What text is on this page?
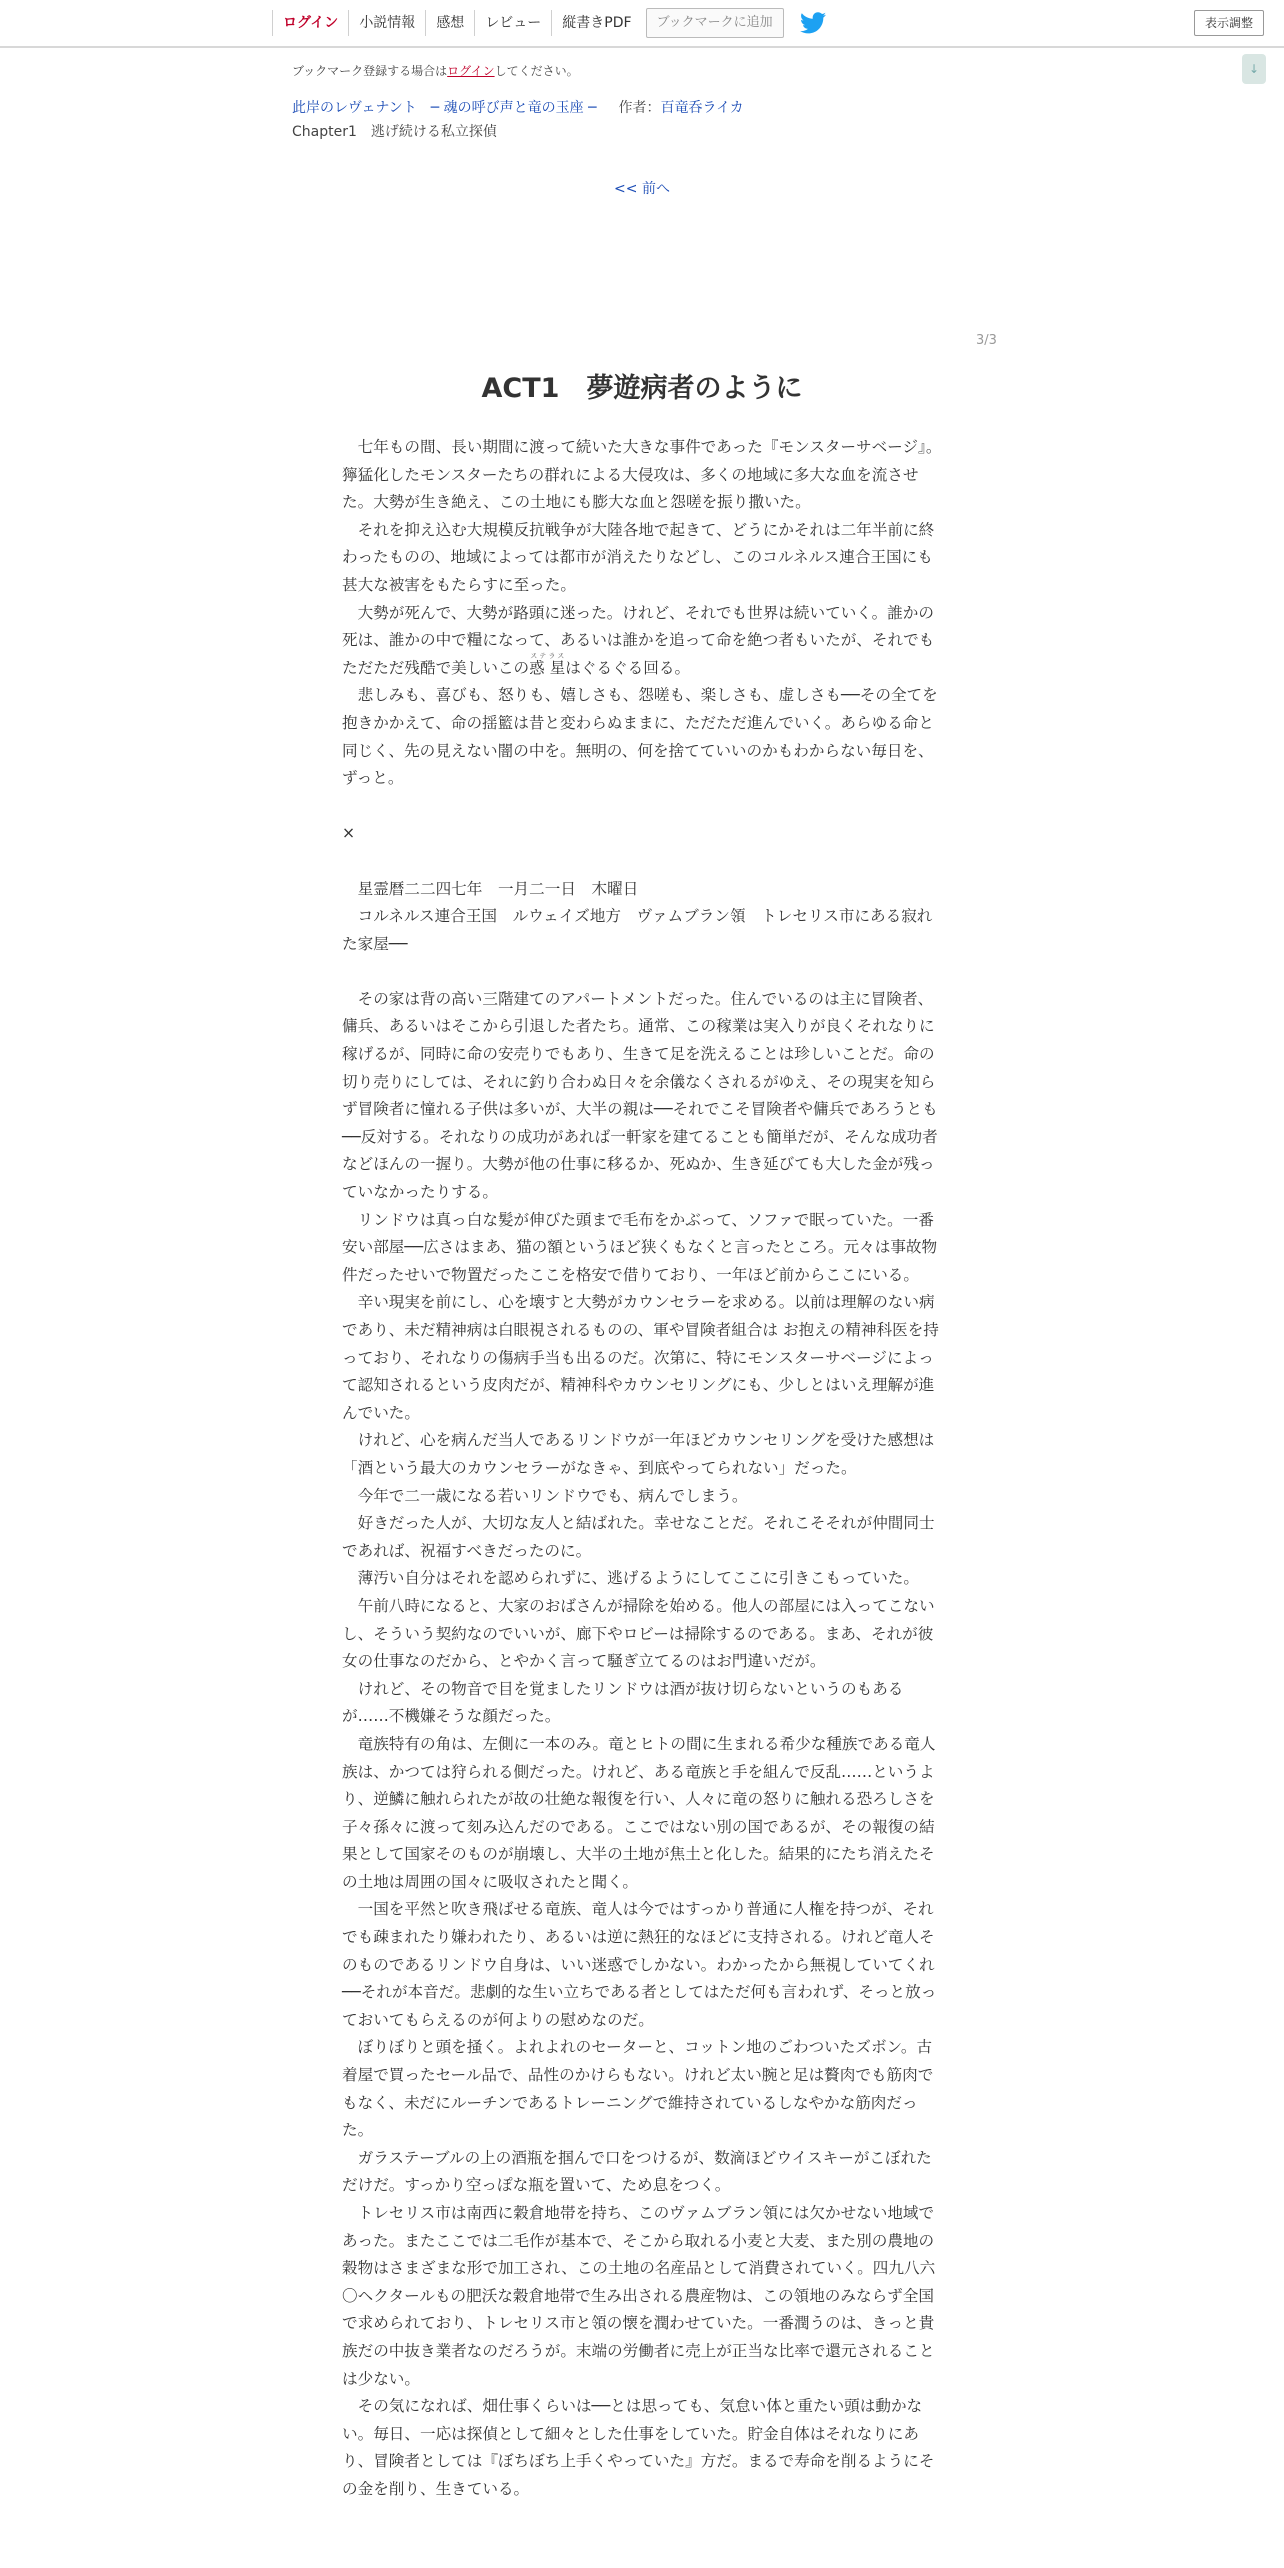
ログイン	小説情報	感想	レビュー	縦書きPDF	ブックマークに追加	表示調整
↓
ブックマーク登録する場合はログインしてください。
此岸のレヴェナント　─ 魂の呼び声と竜の玉座 ─ 作者：百竜呑ライカ
Chapter1　逃げ続ける私立探偵
<< 前へ
3/3
ACT1　夢遊病者のように

七年もの間、長い期間に渡って続いた大きな事件であった『モンスターサベージ』。獰猛化したモンスターたちの群れによる大侵攻は、多くの地域に多大な血を流させた。大勢が生き絶え、この土地にも膨大な血と怨嗟を振り撒いた。

それを抑え込む大規模反抗戦争が大陸各地で起きて、どうにかそれは二年半前に終わったものの、地域によっては都市が消えたりなどし、このコルネルス連合王国にも甚大な被害をもたらすに至った。

大勢が死んで、大勢が路頭に迷った。けれど、それでも世界は続いていく。誰かの死は、誰かの中で糧になって、あるいは誰かを追って命を絶つ者もいたが、それでもただただ残酷で美しいこの惑 星ステラスはぐるぐる回る。

悲しみも、喜びも、怒りも、嬉しさも、怨嗟も、楽しさも、虚しさも──その全てを抱きかかえて、命の揺籃は昔と変わらぬままに、ただただ進んでいく。あらゆる命と同じく、先の見えない闇の中を。無明の、何を捨てていいのかもわからない毎日を、ずっと。

×

星霊暦二二四七年　一月二一日　木曜日

コルネルス連合王国　ルウェイズ地方　ヴァムブラン領　トレセリス市にある寂れた家屋──

その家は背の高い三階建てのアパートメントだった。住んでいるのは主に冒険者、傭兵、あるいはそこから引退した者たち。通常、この稼業は実入りが良くそれなりに稼げるが、同時に命の安売りでもあり、生きて足を洗えることは珍しいことだ。命の切り売りにしては、それに釣り合わぬ日々を余儀なくされるがゆえ、その現実を知らず冒険者に憧れる子供は多いが、大半の親は──それでこそ冒険者や傭兵であろうとも──反対する。それなりの成功があれば一軒家を建てることも簡単だが、そんな成功者などほんの一握り。大勢が他の仕事に移るか、死ぬか、生き延びても大した金が残っていなかったりする。

リンドウは真っ白な髪が伸びた頭まで毛布をかぶって、ソファで眠っていた。一番安い部屋──広さはまあ、猫の額というほど狭くもなくと言ったところ。元々は事故物件だったせいで物置だったここを格安で借りており、一年ほど前からここにいる。

辛い現実を前にし、心を壊すと大勢がカウンセラーを求める。以前は理解のない病であり、未だ精神病は白眼視されるものの、軍や冒険者組合は お抱えの精神科医を持っており、それなりの傷病手当も出るのだ。次第に、特にモンスターサベージによって認知されるという皮肉だが、精神科やカウンセリングにも、少しとはいえ理解が進んでいた。

けれど、心を病んだ当人であるリンドウが一年ほどカウンセリングを受けた感想は「酒という最大のカウンセラーがなきゃ、到底やってられない」だった。

今年で二一歳になる若いリンドウでも、病んでしまう。

好きだった人が、大切な友人と結ばれた。幸せなことだ。それこそそれが仲間同士であれば、祝福すべきだったのに。

薄汚い自分はそれを認められずに、逃げるようにしてここに引きこもっていた。

午前八時になると、大家のおばさんが掃除を始める。他人の部屋には入ってこないし、そういう契約なのでいいが、廊下やロビーは掃除するのである。まあ、それが彼女の仕事なのだから、とやかく言って騒ぎ立てるのはお門違いだが。

けれど、その物音で目を覚ましたリンドウは酒が抜け切らないというのもあるが……不機嫌そうな顔だった。

竜族特有の角は、左側に一本のみ。竜とヒトの間に生まれる希少な種族である竜人族は、かつては狩られる側だった。けれど、ある竜族と手を組んで反乱……というより、逆鱗に触れられたが故の壮絶な報復を行い、人々に竜の怒りに触れる恐ろしさを子々孫々に渡って刻み込んだのである。ここではない別の国であるが、その報復の結果として国家そのものが崩壊し、大半の土地が焦土と化した。結果的にたち消えたその土地は周囲の国々に吸収されたと聞く。

一国を平然と吹き飛ばせる竜族、竜人は今ではすっかり普通に人権を持つが、それでも疎まれたり嫌われたり、あるいは逆に熱狂的なほどに支持される。けれど竜人そのものであるリンドウ自身は、いい迷惑でしかない。わかったから無視していてくれ──それが本音だ。悲劇的な生い立ちである者としてはただ何も言われず、そっと放っておいてもらえるのが何よりの慰めなのだ。

ぼりぼりと頭を掻く。よれよれのセーターと、コットン地のごわついたズボン。古着屋で買ったセール品で、品性のかけらもない。けれど太い腕と足は贅肉でも筋肉でもなく、未だにルーチンであるトレーニングで維持されているしなやかな筋肉だった。

ガラステーブルの上の酒瓶を掴んで口をつけるが、数滴ほどウイスキーがこぼれただけだ。すっかり空っぽな瓶を置いて、ため息をつく。

トレセリス市は南西に穀倉地帯を持ち、このヴァムブラン領には欠かせない地域であった。またここでは二毛作が基本で、そこから取れる小麦と大麦、また別の農地の穀物はさまざまな形で加工され、この土地の名産品として消費されていく。四九八六〇ヘクタールもの肥沃な穀倉地帯で生み出される農産物は、この領地のみならず全国で求められており、トレセリス市と領の懐を潤わせていた。一番潤うのは、きっと貴族だの中抜き業者なのだろうが。末端の労働者に売上が正当な比率で還元されることは少ない。

その気になれば、畑仕事くらいは──とは思っても、気怠い体と重たい頭は動かない。毎日、一応は探偵として細々とした仕事をしていた。貯金自体はそれなりにあり、冒険者としては『ぼちぼち上手くやっていた』方だ。まるで寿命を削るようにその金を削り、生きている。
